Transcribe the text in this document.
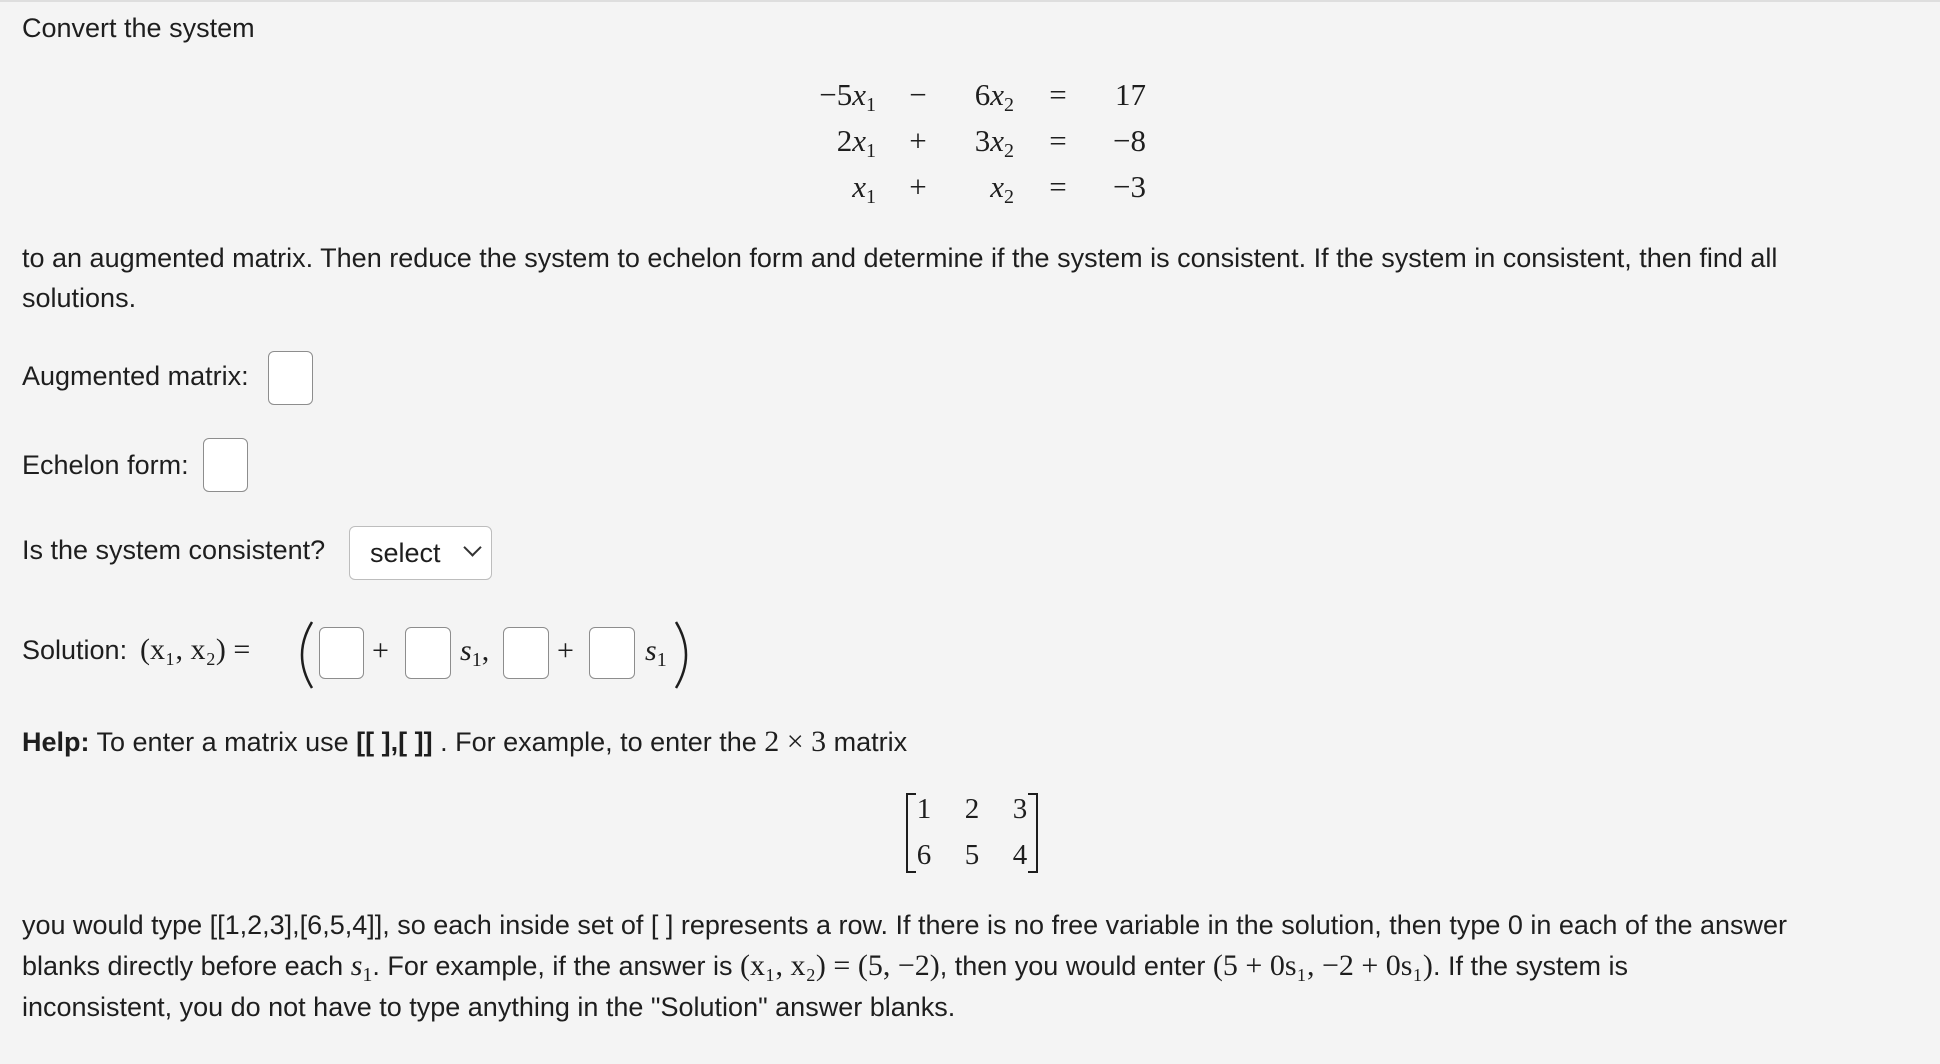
Convert the system
$-5x_1$ −	$6x_2$ =	17
$2x_1$ +	$3x_2$ =	−8
$x_1$ +	$x_2$ =	−3
to an augmented matrix. Then reduce the system to echelon form and determine if the system is consistent. If the system in consistent, then find all
solutions.
Augmented matrix:
Echelon form:
Is the system consistent?	select
Solution: (x₁, x₂) =	+ $s_1$, + $s_1$
Help: To enter a matrix use [[ ],[ ]] . For example, to enter the 2 × 3 matrix
1 2 3
6 5 4
you would type [[1,2,3],[6,5,4]], so each inside set of [ ] represents a row. If there is no free variable in the solution, then type 0 in each of the answer
blanks directly before each $s_1$. For example, if the answer is (x₁, x₂) = (5, −2), then you would enter (5 + 0s₁, −2 + 0s₁). If the system is
inconsistent, you do not have to type anything in the "Solution" answer blanks.
